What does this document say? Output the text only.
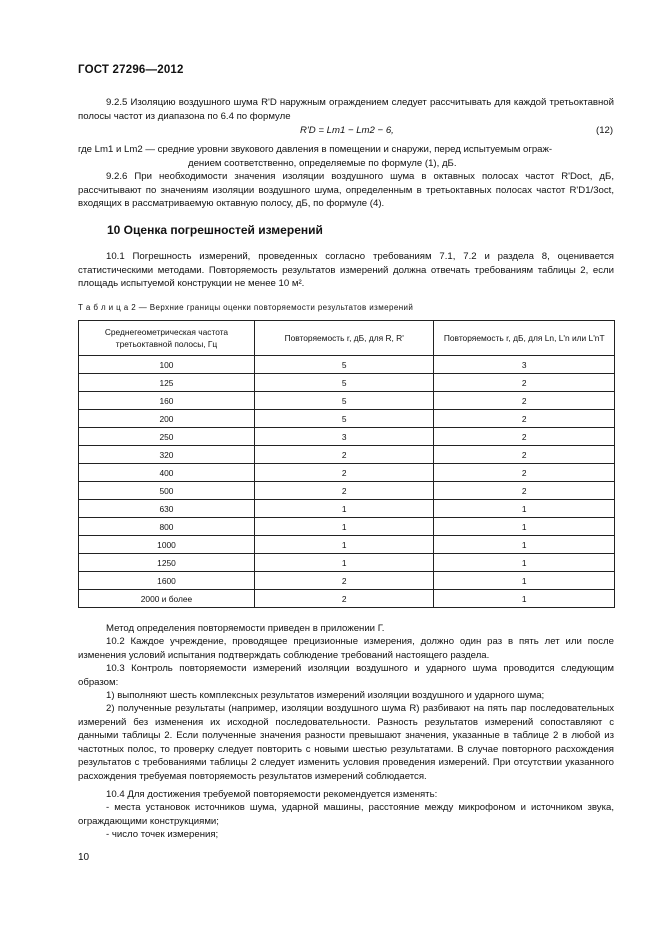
ГОСТ 27296—2012
9.2.5 Изоляцию воздушного шума R'D наружным ограждением следует рассчитывать для каждой третьоктавной полосы частот из диапазона по 6.4 по формуле
R'D = Lm1 − Lm2 − 6,	(12)
где Lm1 и Lm2 — средние уровни звукового давления в помещении и снаружи, перед испытуемым ограж-
дением соответственно, определяемые по формуле (1), дБ.
9.2.6 При необходимости значения изоляции воздушного шума в октавных полосах частот R'Doct, дБ, рассчитывают по значениям изоляции воздушного шума, определенным в третьоктавных полосах частот R'D1/3oct, входящих в рассматриваемую октавную полосу, дБ, по формуле (4).
10 Оценка погрешностей измерений
10.1 Погрешность измерений, проведенных согласно требованиям 7.1, 7.2 и раздела 8, оценивается статистическими методами. Повторяемость результатов измерений должна отвечать требованиям таблицы 2, если площадь испытуемой конструкции не менее 10 м².
Т а б л и ц а 2 — Верхние границы оценки повторяемости результатов измерений
Среднегеометрическая частота третьоктавной полосы, Гц	Повторяемость r, дБ, для R, R'	Повторяемость r, дБ, для Ln, L'n или L'nT
100	5	3
125	5	2
160	5	2
200	5	2
250	3	2
320	2	2
400	2	2
500	2	2
630	1	1
800	1	1
1000	1	1
1250	1	1
1600	2	1
2000 и более	2	1
Метод определения повторяемости приведен в приложении Г.
10.2 Каждое учреждение, проводящее прецизионные измерения, должно один раз в пять лет или после изменения условий испытания подтверждать соблюдение требований настоящего раздела.
10.3 Контроль повторяемости измерений изоляции воздушного и ударного шума проводится следующим образом:
1) выполняют шесть комплексных результатов измерений изоляции воздушного и ударного шума;
2) полученные результаты (например, изоляции воздушного шума R) разбивают на пять пар последовательных измерений без изменения их исходной последовательности. Разность результатов измерений сопоставляют с данными таблицы 2. Если полученные значения разности превышают значения, указанные в таблице 2 в любой из частотных полос, то проверку следует повторить с новыми шестью результатами. В случае повторного расхождения результатов с требованиями таблицы 2 следует изменить условия проведения измерений. При отсутствии указанного расхождения требуемая повторяемость результатов измерений соблюдается.
10.4 Для достижения требуемой повторяемости рекомендуется изменять:
- места установок источников шума, ударной машины, расстояние между микрофоном и источником звука, ограждающими конструкциями;
- число точек измерения;
10
